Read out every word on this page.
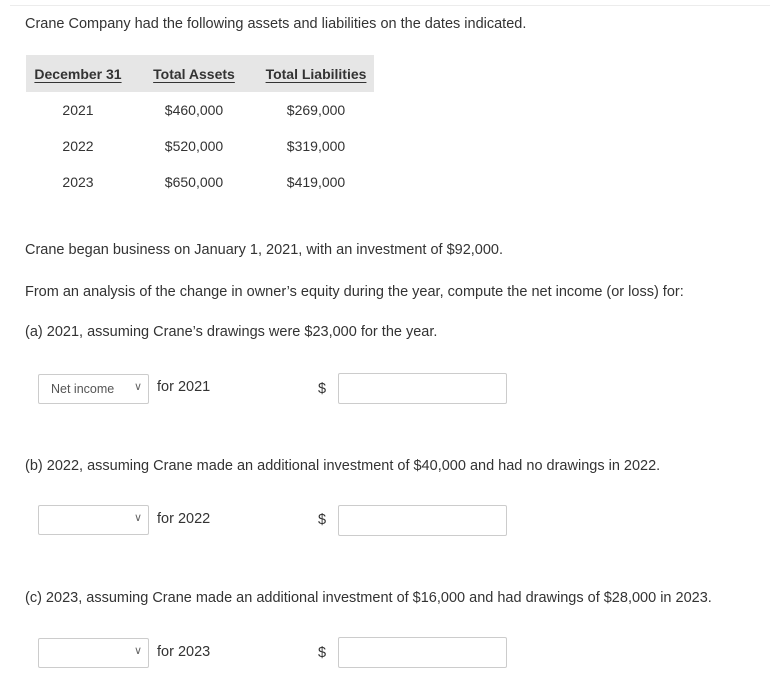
Crane Company had the following assets and liabilities on the dates indicated.
December 31	Total Assets	Total Liabilities
2021	$460,000	$269,000
2022	$520,000	$319,000
2023	$650,000	$419,000
Crane began business on January 1, 2021, with an investment of $92,000.
From an analysis of the change in owner’s equity during the year, compute the net income (or loss) for:
(a) 2021, assuming Crane’s drawings were $23,000 for the year.
Net income ∨ for 2021	$
(b) 2022, assuming Crane made an additional investment of $40,000 and had no drawings in 2022.
∨ for 2022	$
(c) 2023, assuming Crane made an additional investment of $16,000 and had drawings of $28,000 in 2023.
∨ for 2023	$
